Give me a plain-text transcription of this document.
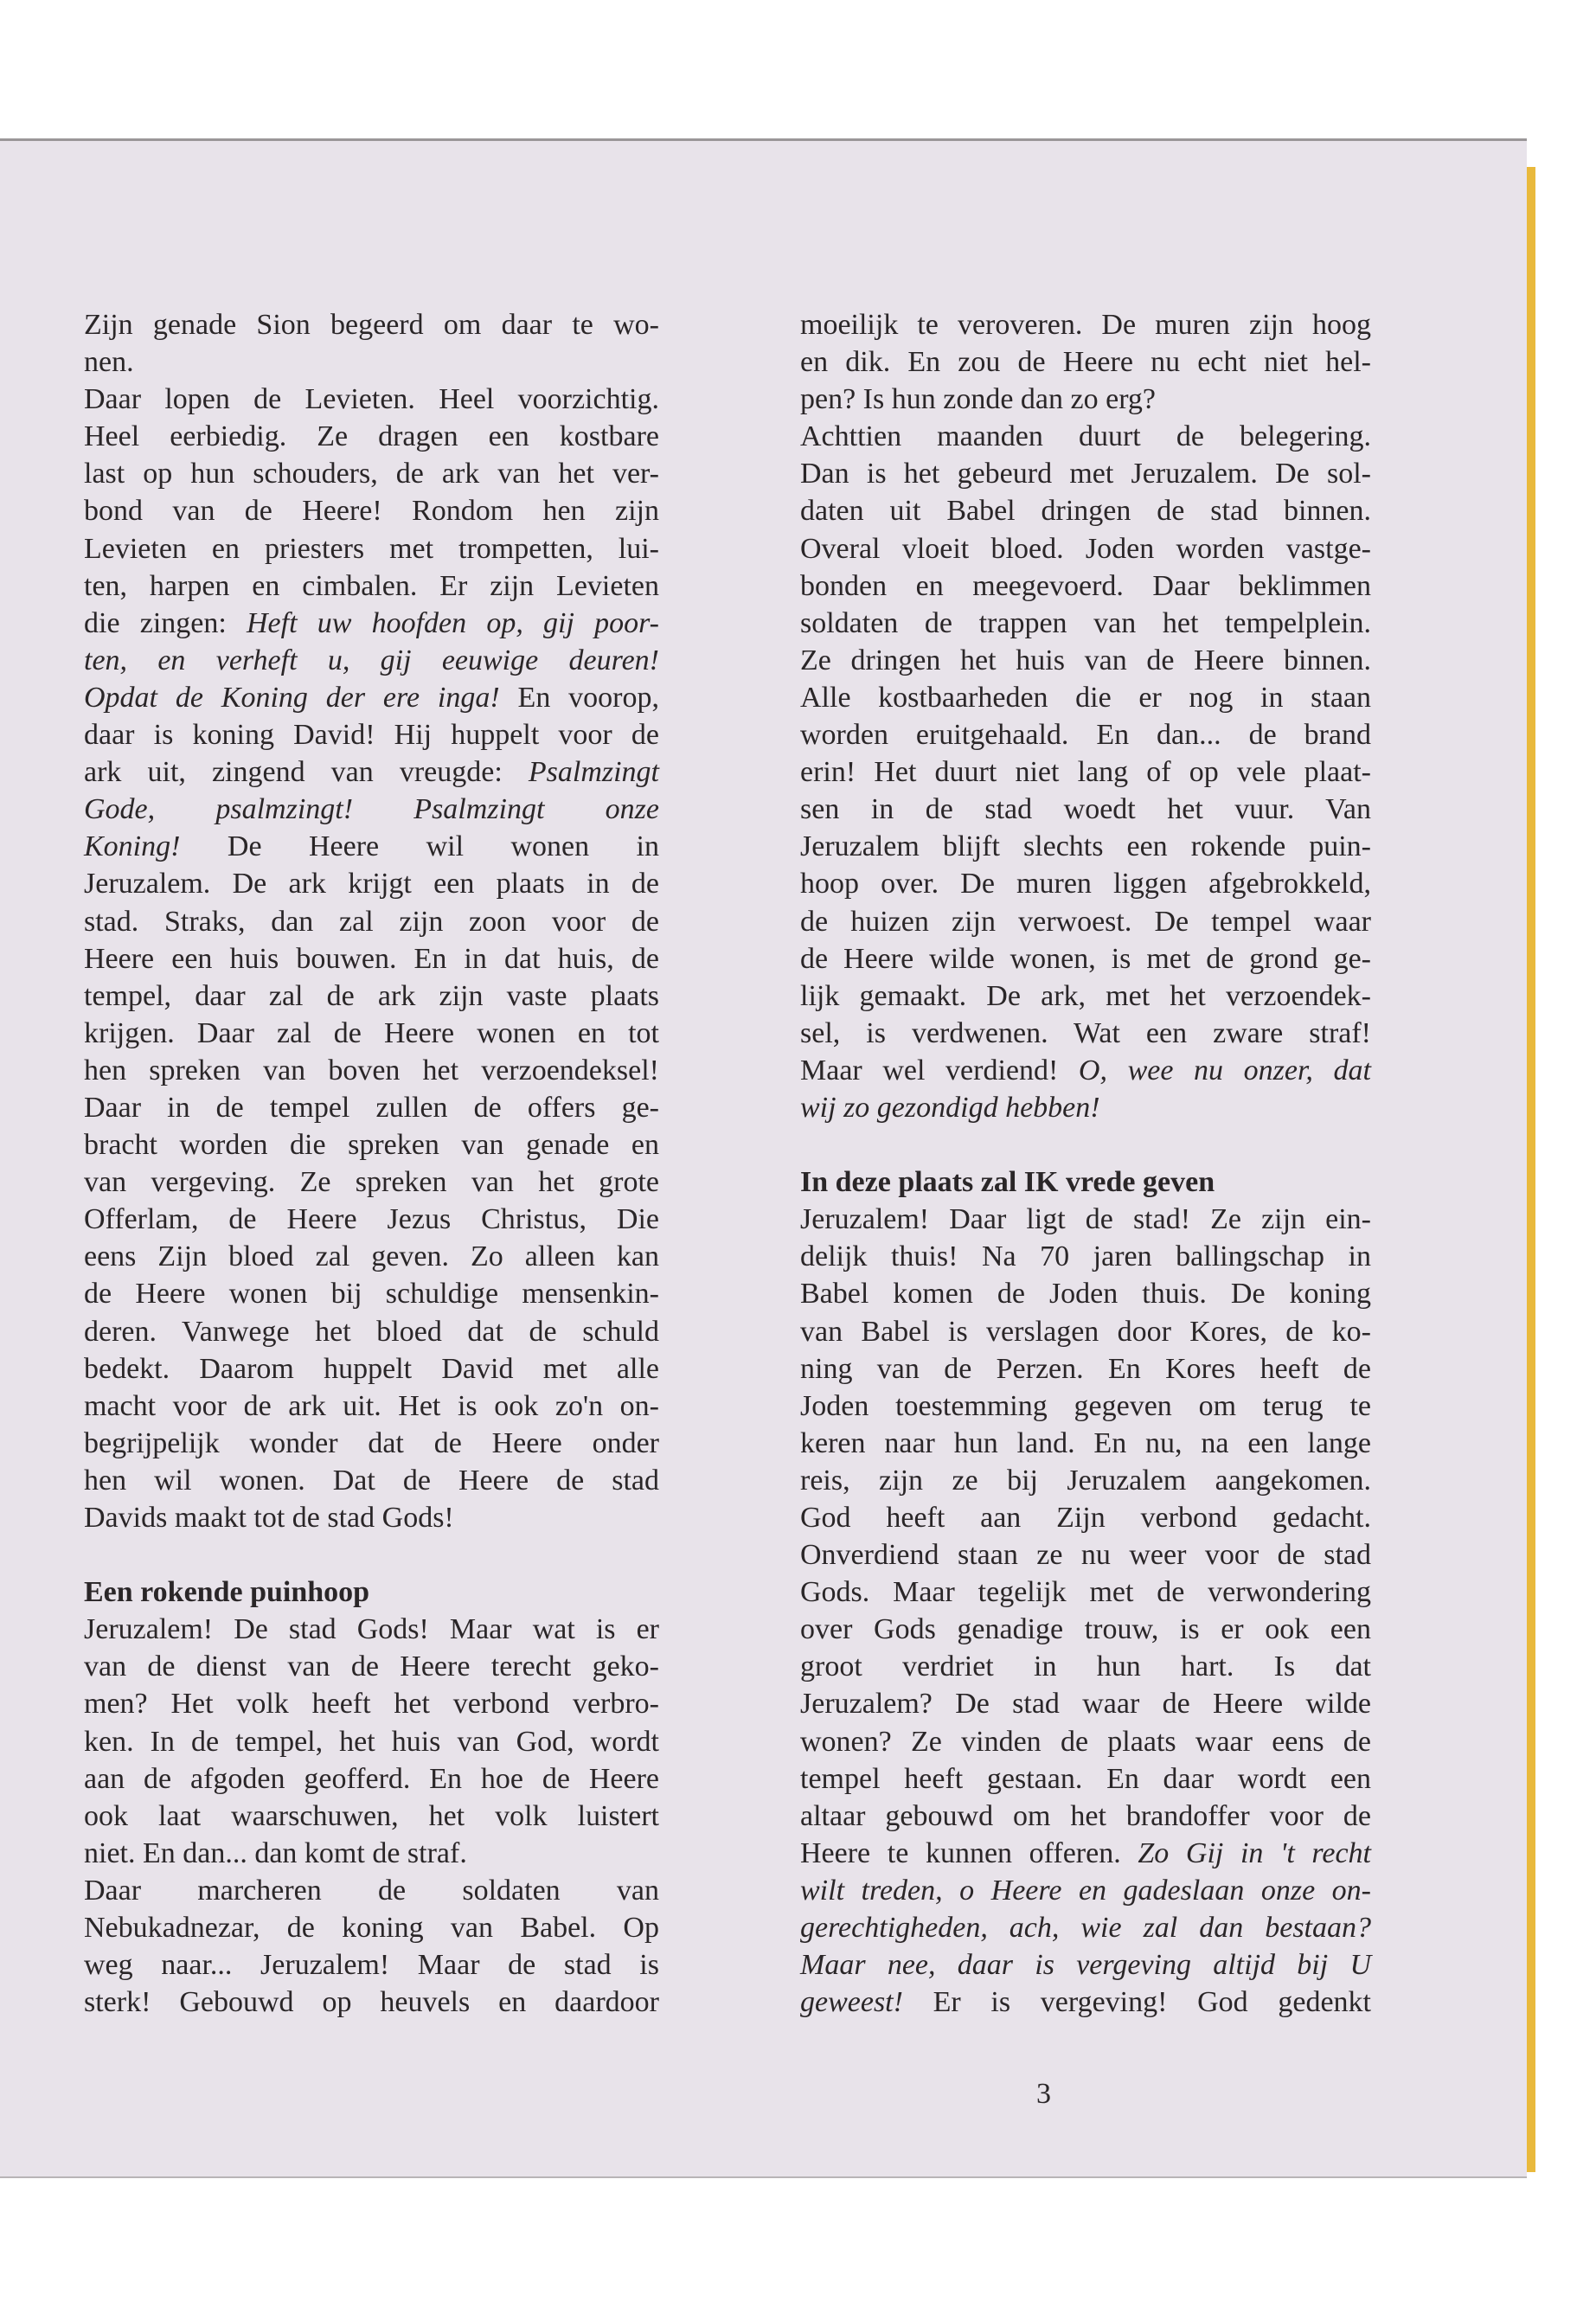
Zijn genade Sion begeerd om daar te wo-
nen.
Daar lopen de Levieten. Heel voorzichtig.
Heel eerbiedig. Ze dragen een kostbare
last op hun schouders, de ark van het ver-
bond van de Heere! Rondom hen zijn
Levieten en priesters met trompetten, lui-
ten, harpen en cimbalen. Er zijn Levieten
die zingen: Heft uw hoofden op, gij poor-
ten, en verheft u, gij eeuwige deuren!
Opdat de Koning der ere inga! En voorop,
daar is koning David! Hij huppelt voor de
ark uit, zingend van vreugde: Psalmzingt
Gode, psalmzingt! Psalmzingt onze
Koning! De Heere wil wonen in
Jeruzalem. De ark krijgt een plaats in de
stad. Straks, dan zal zijn zoon voor de
Heere een huis bouwen. En in dat huis, de
tempel, daar zal de ark zijn vaste plaats
krijgen. Daar zal de Heere wonen en tot
hen spreken van boven het verzoendeksel!
Daar in de tempel zullen de offers ge-
bracht worden die spreken van genade en
van vergeving. Ze spreken van het grote
Offerlam, de Heere Jezus Christus, Die
eens Zijn bloed zal geven. Zo alleen kan
de Heere wonen bij schuldige mensenkin-
deren. Vanwege het bloed dat de schuld
bedekt. Daarom huppelt David met alle
macht voor de ark uit. Het is ook zo'n on-
begrijpelijk wonder dat de Heere onder
hen wil wonen. Dat de Heere de stad
Davids maakt tot de stad Gods!
Een rokende puinhoop
Jeruzalem! De stad Gods! Maar wat is er
van de dienst van de Heere terecht geko-
men? Het volk heeft het verbond verbro-
ken. In de tempel, het huis van God, wordt
aan de afgoden geofferd. En hoe de Heere
ook laat waarschuwen, het volk luistert
niet. En dan... dan komt de straf.
Daar marcheren de soldaten van
Nebukadnezar, de koning van Babel. Op
weg naar... Jeruzalem! Maar de stad is
sterk! Gebouwd op heuvels en daardoor
moeilijk te veroveren. De muren zijn hoog
en dik. En zou de Heere nu echt niet hel-
pen? Is hun zonde dan zo erg?
Achttien maanden duurt de belegering.
Dan is het gebeurd met Jeruzalem. De sol-
daten uit Babel dringen de stad binnen.
Overal vloeit bloed. Joden worden vastge-
bonden en meegevoerd. Daar beklimmen
soldaten de trappen van het tempelplein.
Ze dringen het huis van de Heere binnen.
Alle kostbaarheden die er nog in staan
worden eruitgehaald. En dan... de brand
erin! Het duurt niet lang of op vele plaat-
sen in de stad woedt het vuur. Van
Jeruzalem blijft slechts een rokende puin-
hoop over. De muren liggen afgebrokkeld,
de huizen zijn verwoest. De tempel waar
de Heere wilde wonen, is met de grond ge-
lijk gemaakt. De ark, met het verzoendek-
sel, is verdwenen. Wat een zware straf!
Maar wel verdiend! O, wee nu onzer, dat
wij zo gezondigd hebben!
In deze plaats zal IK vrede geven
Jeruzalem! Daar ligt de stad! Ze zijn ein-
delijk thuis! Na 70 jaren ballingschap in
Babel komen de Joden thuis. De koning
van Babel is verslagen door Kores, de ko-
ning van de Perzen. En Kores heeft de
Joden toestemming gegeven om terug te
keren naar hun land. En nu, na een lange
reis, zijn ze bij Jeruzalem aangekomen.
God heeft aan Zijn verbond gedacht.
Onverdiend staan ze nu weer voor de stad
Gods. Maar tegelijk met de verwondering
over Gods genadige trouw, is er ook een
groot verdriet in hun hart. Is dat
Jeruzalem? De stad waar de Heere wilde
wonen? Ze vinden de plaats waar eens de
tempel heeft gestaan. En daar wordt een
altaar gebouwd om het brandoffer voor de
Heere te kunnen offeren. Zo Gij in 't recht
wilt treden, o Heere en gadeslaan onze on-
gerechtigheden, ach, wie zal dan bestaan?
Maar nee, daar is vergeving altijd bij U
geweest! Er is vergeving! God gedenkt
3
